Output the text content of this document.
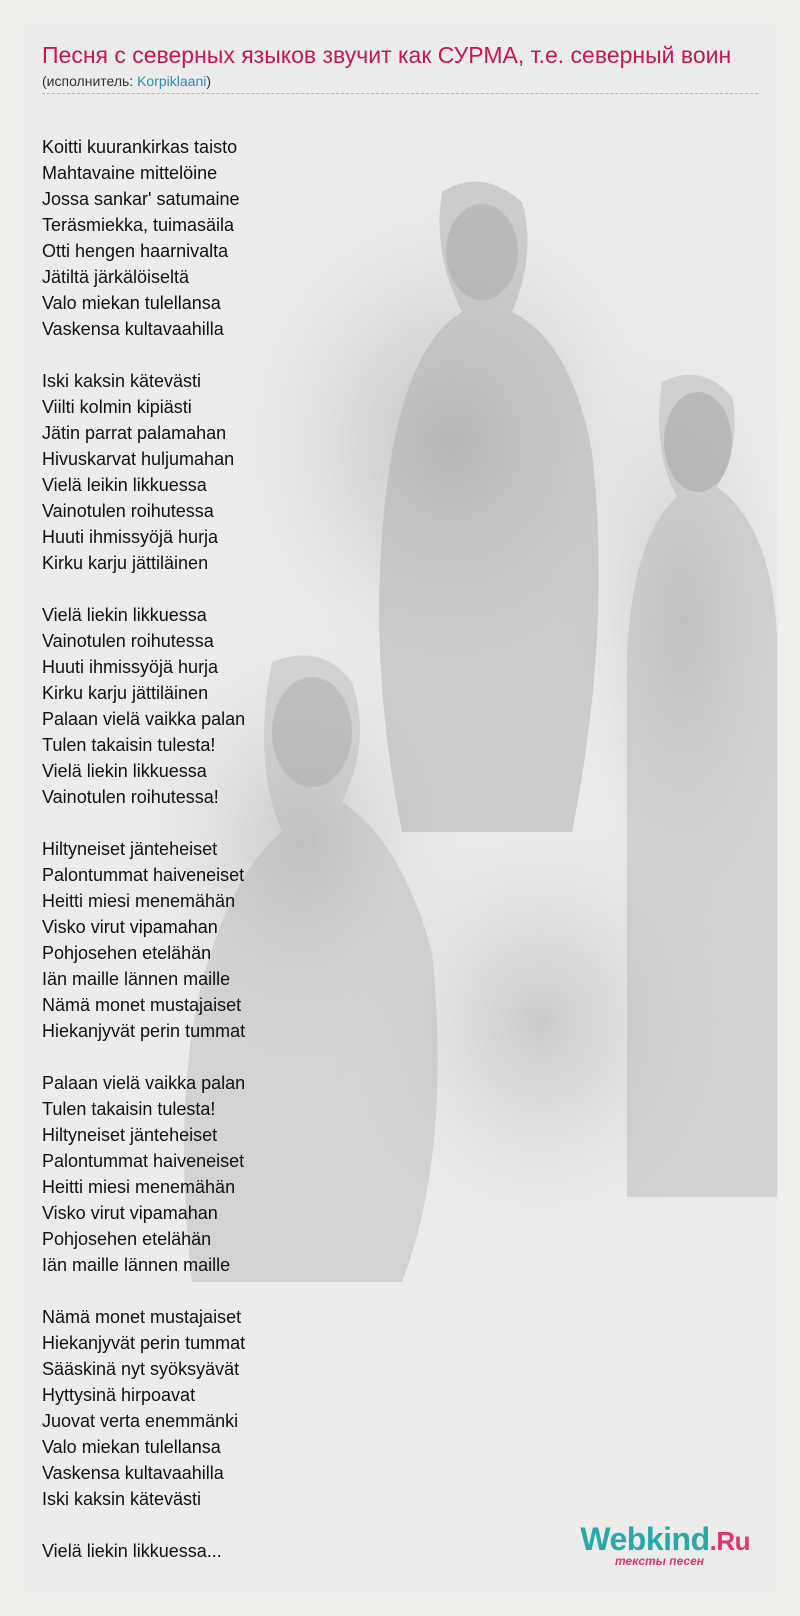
Песня с северных языков звучит как СУРМА, т.е. северный воин
(исполнитель: Korpiklaani)
Koitti kuurankirkas taisto
Mahtavaine mittelöine
Jossa sankar' satumaine
Teräsmiekka, tuimasäila
Otti hengen haarnivalta
Jätiltä järkälöiseltä
Valo miekan tulellansa
Vaskensa kultavaahilla
Iski kaksin kätevästi
Viilti kolmin kipiästi
Jätin parrat palamahan
Hivuskarvat huljumahan
Vielä leikin likkuessa
Vainotulen roihutessa
Huuti ihmissyöjä hurja
Kirku karju jättiläinen
Vielä liekin likkuessa
Vainotulen roihutessa
Huuti ihmissyöjä hurja
Kirku karju jättiläinen
Palaan vielä vaikka palan
Tulen takaisin tulesta!
Vielä liekin likkuessa
Vainotulen roihutessa!
Hiltyneiset jänteheiset
Palontummat haiveneiset
Heitti miesi menemähän
Visko virut vipamahan
Pohjosehen etelähän
Iän maille lännen maille
Nämä monet mustajaiset
Hiekanjyvät perin tummat
Palaan vielä vaikka palan
Tulen takaisin tulesta!
Hiltyneiset jänteheiset
Palontummat haiveneiset
Heitti miesi menemähän
Visko virut vipamahan
Pohjosehen etelähän
Iän maille lännen maille
Nämä monet mustajaiset
Hiekanjyvät perin tummat
Sääskinä nyt syöksyävät
Hyttysinä hirpoavat
Juovat verta enemmänki
Valo miekan tulellansa
Vaskensa kultavaahilla
Iski kaksin kätevästi
Vielä liekin likkuessa...	Webkind.Ru
тексты песен
